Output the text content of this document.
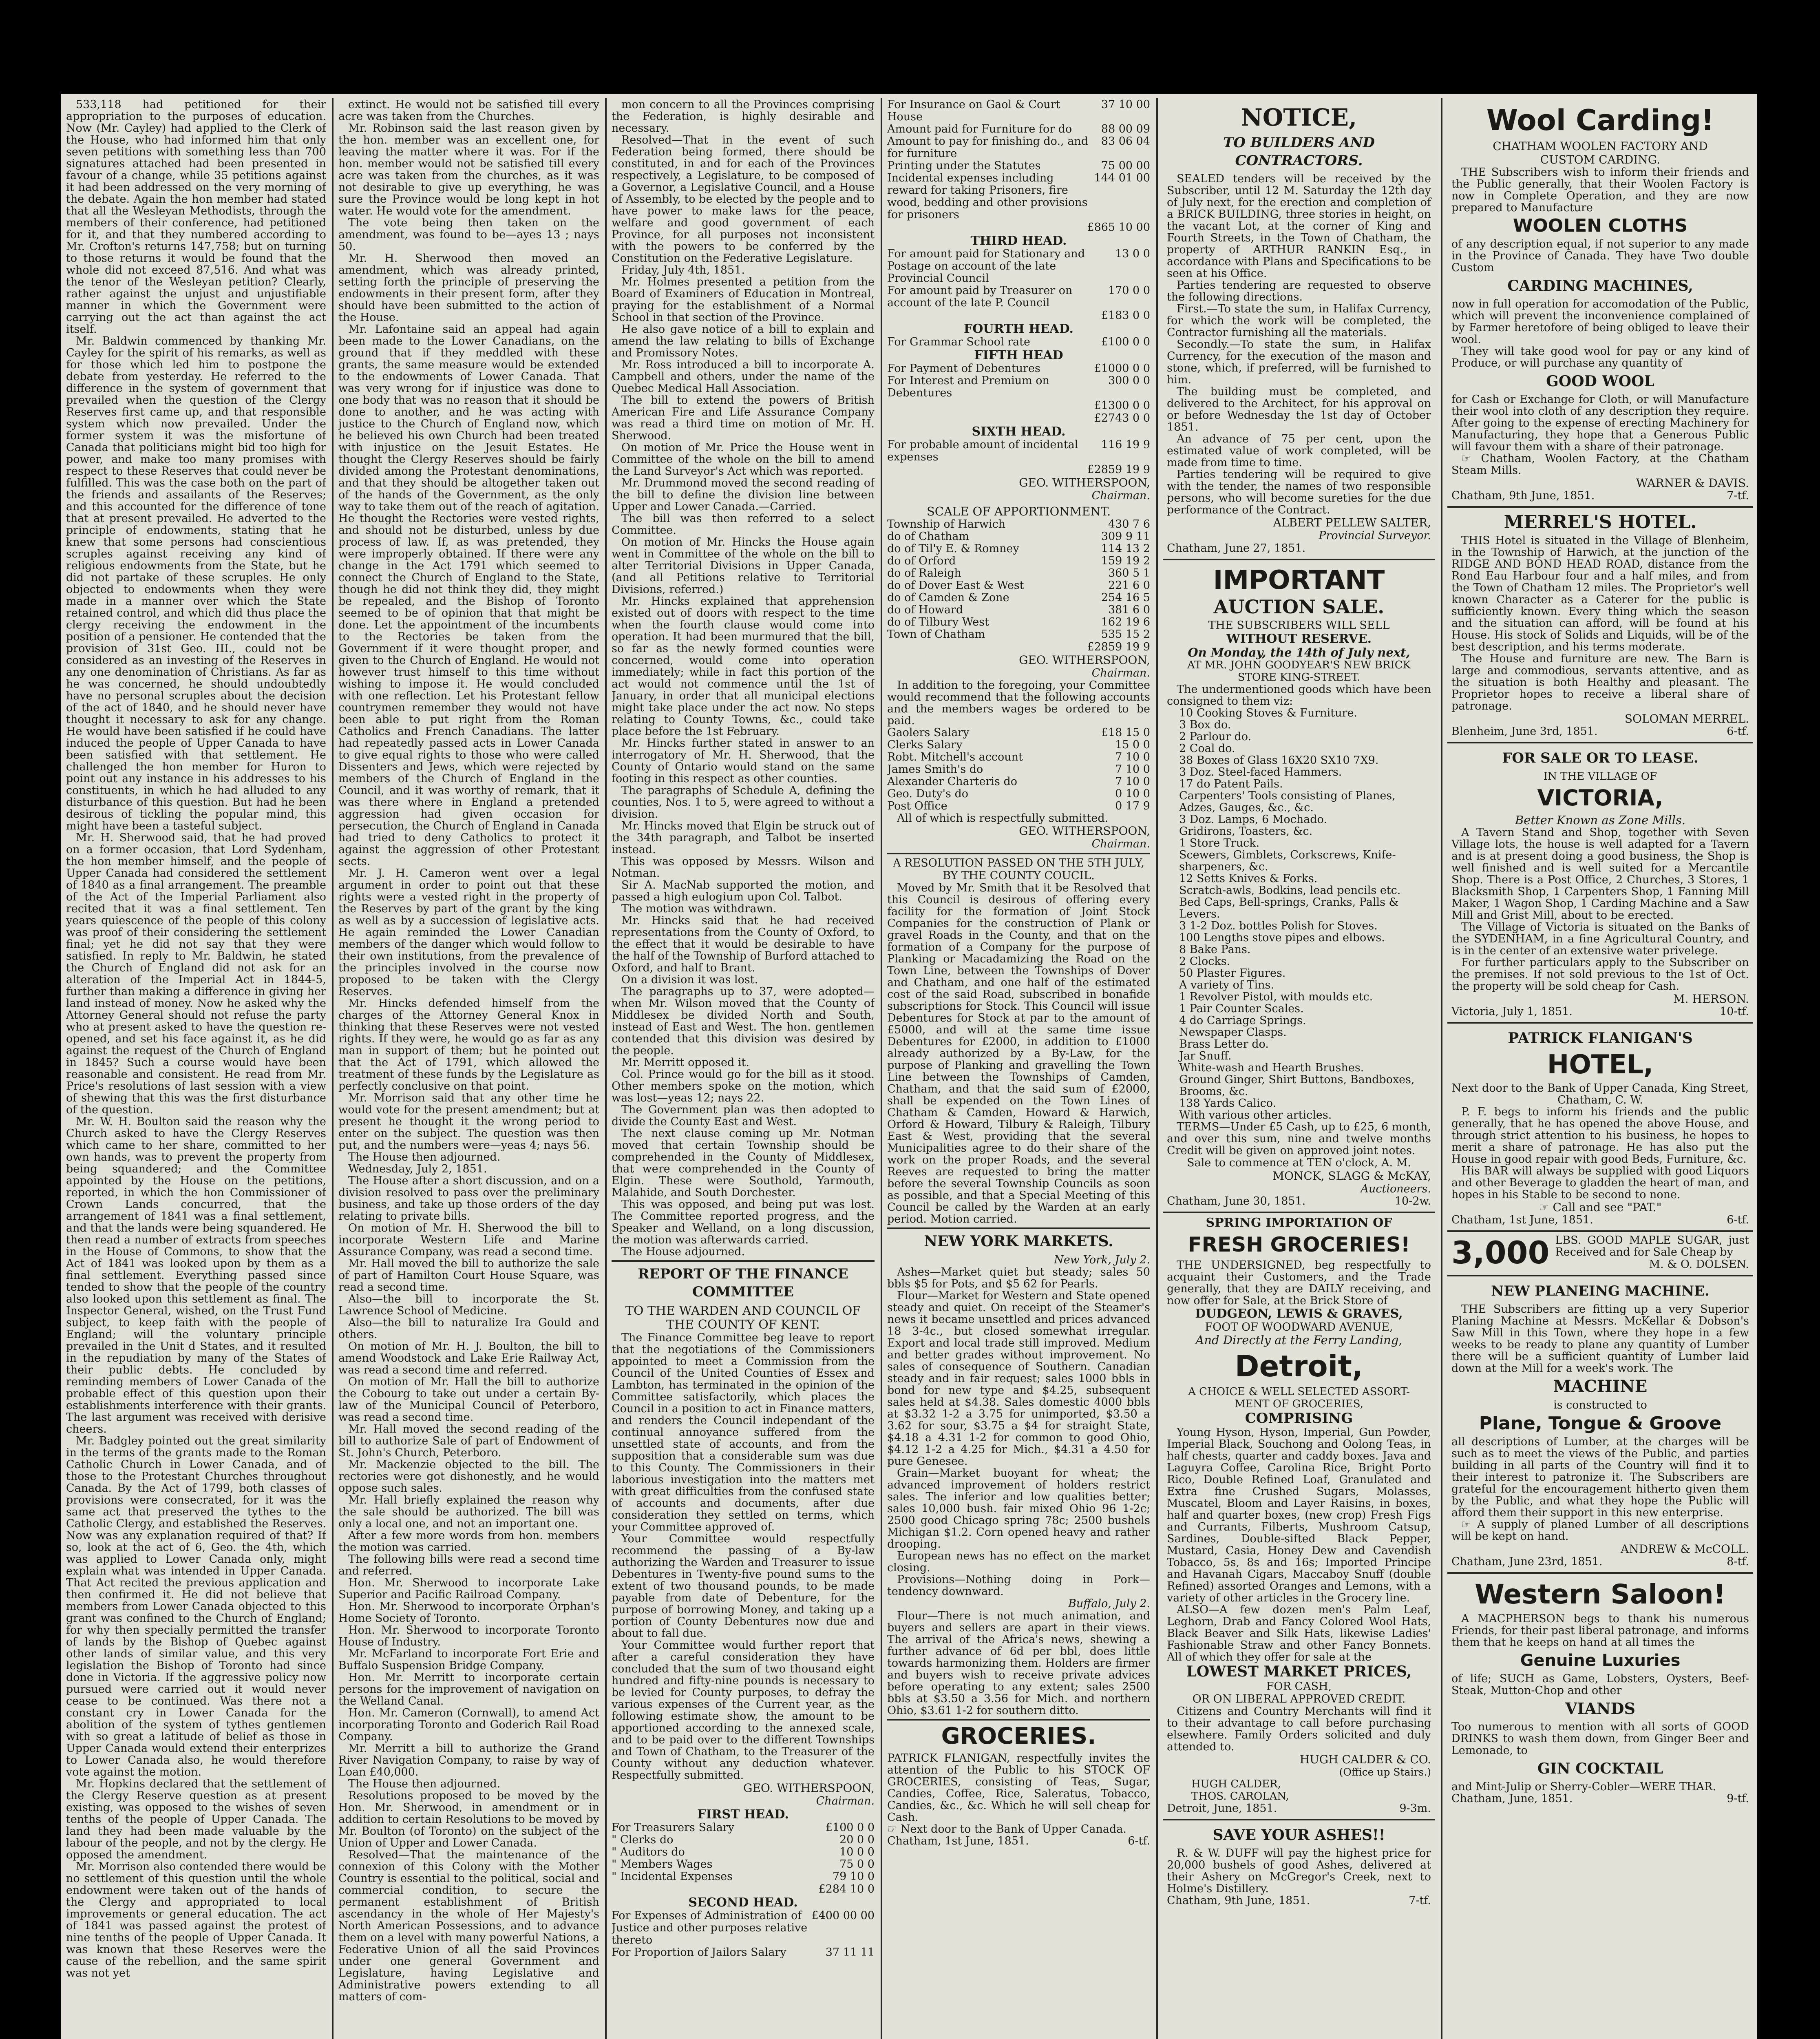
533,118 had petitioned for their appropriation to the purposes of education. Now (Mr. Cayley) had applied to the Clerk of the House, who had informed him that only seven petitions with something less than 700 signatures attached had been presented in favour of a change, while 35 petitions against it had been addressed on the very morning of the debate. Again the hon member had stated that all the Wesleyan Methodists, through the members of their conference, had petitioned for it, and that they numbered according to Mr. Crofton's returns 147,758; but on turning to those returns it would be found that the whole did not exceed 87,516. And what was the tenor of the Wesleyan petition? Clearly, rather against the unjust and unjustifiable manner in which the Government were carrying out the act than against the act itself.

Mr. Baldwin commenced by thanking Mr. Cayley for the spirit of his remarks, as well as for those which led him to postpone the debate from yesterday. He referred to the difference in the system of government that prevailed when the question of the Clergy Reserves first came up, and that responsible system which now prevailed. Under the former system it was the misfortune of Canada that politicians might bid too high for power, and make too many promises with respect to these Reserves that could never be fulfilled. This was the case both on the part of the friends and assailants of the Reserves; and this accounted for the difference of tone that at present prevailed. He adverted to the principle of endowments, stating that he knew that some persons had conscientious scruples against receiving any kind of religious endowments from the State, but he did not partake of these scruples. He only objected to endowments when they were made in a manner over which the State retained control, and which did thus place the clergy receiving the endowment in the position of a pensioner. He contended that the provision of 31st Geo. III., could not be considered as an investing of the Reserves in any one denomination of Christians. As far as he was concerned, he should undoubtedly have no personal scruples about the decision of the act of 1840, and he should never have thought it necessary to ask for any change. He would have been satisfied if he could have induced the people of Upper Canada to have been satisfied with that settlement. He challenged the hon member for Huron to point out any instance in his addresses to his constituents, in which he had alluded to any disturbance of this question. But had he been desirous of tickling the popular mind, this might have been a tasteful subject.

Mr. H. Sherwood said, that he had proved on a former occasion, that Lord Sydenham, the hon member himself, and the people of Upper Canada had considered the settlement of 1840 as a final arrangement. The preamble of the Act of the Imperial Parliament also recited that it was a final settlement. Ten years quiescence of the people of this colony was proof of their considering the settlement final; yet he did not say that they were satisfied. In reply to Mr. Baldwin, he stated the Church of England did not ask for an alteration of the Imperial Act in 1844-5, further than making a difference in giving her land instead of money. Now he asked why the Attorney General should not refuse the party who at present asked to have the question re-opened, and set his face against it, as he did against the request of the Church of England in 1845? Such a course would have been reasonable and consistent. He read from Mr. Price's resolutions of last session with a view of shewing that this was the first disturbance of the question.

Mr. W. H. Boulton said the reason why the Church asked to have the Clergy Reserves which came to her share, committed to her own hands, was to prevent the property from being squandered; and the Committee appointed by the House on the petitions, reported, in which the hon Commissioner of Crown Lands concurred, that the arrangement of 1841 was a final settlement, and that the lands were being squandered. He then read a number of extracts from speeches in the House of Commons, to show that the Act of 1841 was looked upon by them as a final settlement. Everything passed since tended to show that the people of the country also looked upon this settlement as final. The Inspector General, wished, on the Trust Fund subject, to keep faith with the people of England; will the voluntary principle prevailed in the Unit d States, and it resulted in the repudiation by many of the States of their public debts. He concluded by reminding members of Lower Canada of the probable effect of this question upon their establishments interference with their grants. The last argument was received with derisive cheers.

Mr. Badgley pointed out the great similarity in the terms of the grants made to the Roman Catholic Church in Lower Canada, and of those to the Protestant Churches throughout Canada. By the Act of 1799, both classes of provisions were consecrated, for it was the same act that preserved the tythes to the Catholic Clergy, and established the Reserves. Now was any explanation required of that? If so, look at the act of 6, Geo. the 4th, which was applied to Lower Canada only, might explain what was intended in Upper Canada. That Act recited the previous application and then confirmed it. He did not believe that members from Lower Canada objected to this grant was confined to the Church of England; for why then specially permitted the transfer of lands by the Bishop of Quebec against other lands of similar value, and this very legislation the Bishop of Toronto had since done in Victoria. If the aggressive policy now pursued were carried out it would never cease to be continued. Was there not a constant cry in Lower Canada for the abolition of the system of tythes gentlemen with so great a latitude of belief as those in Upper Canada would extend their enterprizes to Lower Canada also, he would therefore vote against the motion.

Mr. Hopkins declared that the settlement of the Clergy Reserve question as at present existing, was opposed to the wishes of seven tenths of the people of Upper Canada. The land they had been made valuable by the labour of the people, and not by the clergy. He opposed the amendment.

Mr. Morrison also contended there would be no settlement of this question until the whole endowment were taken out of the hands of the Clergy and appropriated to local improvements or general education. The act of 1841 was passed against the protest of nine tenths of the people of Upper Canada. It was known that these Reserves were the cause of the rebellion, and the same spirit was not yet

extinct. He would not be satisfied till every acre was taken from the Churches.

Mr. Robinson said the last reason given by the hon. member was an excellent one, for leaving the matter where it was. For if the hon. member would not be satisfied till every acre was taken from the churches, as it was not desirable to give up everything, he was sure the Province would be long kept in hot water. He would vote for the amendment.

The vote being then taken on the amendment, was found to be—ayes 13 ; nays 50.

Mr. H. Sherwood then moved an amendment, which was already printed, setting forth the principle of preserving the endowments in their present form, after they should have been submitted to the action of the House.

Mr. Lafontaine said an appeal had again been made to the Lower Canadians, on the ground that if they meddled with these grants, the same measure would be extended to the endowments of Lower Canada. That was very wrong for if injustice was done to one body that was no reason that it should be done to another, and he was acting with justice to the Church of England now, which he believed his own Church had been treated with injustice on the Jesuit Estates. He thought the Clergy Reserves should be fairly divided among the Protestant denominations, and that they should be altogether taken out of the hands of the Government, as the only way to take them out of the reach of agitation. He thought the Rectories were vested rights, and should not be disturbed, unless by due process of law. If, as was pretended, they were improperly obtained. If there were any change in the Act 1791 which seemed to connect the Church of England to the State, though he did not think they did, they might be repealed, and the Bishop of Toronto seemed to be of opinion that that might be done. Let the appointment of the incumbents to the Rectories be taken from the Government if it were thought proper, and given to the Church of England. He would not however trust himself to this time without wishing to impose it. He would concluded with one reflection. Let his Protestant fellow countrymen remember they would not have been able to put right from the Roman Catholics and French Canadians. The latter had repeatedly passed acts in Lower Canada to give equal rights to those who were called Dissenters and Jews, which were rejected by members of the Church of England in the Council, and it was worthy of remark, that it was there where in England a pretended aggression had given occasion for persecution, the Church of England in Canada had tried to deny Catholics to protect it against the aggression of other Protestant sects.

Mr. J. H. Cameron went over a legal argument in order to point out that these rights were a vested right in the property of the Reserves by part of the grant by the king as well as by a succession of legislative acts. He again reminded the Lower Canadian members of the danger which would follow to their own institutions, from the prevalence of the principles involved in the course now proposed to be taken with the Clergy Reserves.

Mr. Hincks defended himself from the charges of the Attorney General Knox in thinking that these Reserves were not vested rights. If they were, he would go as far as any man in support of them; but he pointed out that the Act of 1791, which allowed the treatment of these funds by the Legislature as perfectly conclusive on that point.

Mr. Morrison said that any other time he would vote for the present amendment; but at present he thought it the wrong period to enter on the subject. The question was then put, and the numbers were—yeas 4; nays 56.

The House then adjourned.

Wednesday, July 2, 1851.

The House after a short discussion, and on a division resolved to pass over the preliminary business, and take up those orders of the day relating to private bills.

On motion of Mr. H. Sherwood the bill to incorporate Western Life and Marine Assurance Company, was read a second time.

Mr. Hall moved the bill to authorize the sale of part of Hamilton Court House Square, was read a second time.

Also—the bill to incorporate the St. Lawrence School of Medicine.

Also—the bill to naturalize Ira Gould and others.

On motion of Mr. H. J. Boulton, the bill to amend Woodstock and Lake Erie Railway Act, was read a second time and referred.

On motion of Mr. Hall the bill to authorize the Cobourg to take out under a certain By-law of the Municipal Council of Peterboro, was read a second time.

Mr. Hall moved the second reading of the bill to authorize Sale of part of Endowment of St. John's Church, Peterboro.

Mr. Mackenzie objected to the bill. The rectories were got dishonestly, and he would oppose such sales.

Mr. Hall briefly explained the reason why the sale should be authorized. The bill was only a local one, and not an important one.

After a few more words from hon. members the motion was carried.

The following bills were read a second time and referred.

Hon. Mr. Sherwood to incorporate Lake Superior and Pacific Railroad Company.

Hon. Mr. Sherwood to incorporate Orphan's Home Society of Toronto.

Hon. Mr. Sherwood to incorporate Toronto House of Industry.

Mr. McFarland to incorporate Fort Erie and Buffalo Suspension Bridge Company.

Hon. Mr. Merritt to incorporate certain persons for the improvement of navigation on the Welland Canal.

Hon. Mr. Cameron (Cornwall), to amend Act incorporating Toronto and Goderich Rail Road Company.

Mr. Merritt a bill to authorize the Grand River Navigation Company, to raise by way of Loan £40,000.

The House then adjourned.

Resolutions proposed to be moved by the Hon. Mr. Sherwood, in amendment or in addition to certain Resolutions to be moved by Mr. Boulton (of Toronto) on the subject of the Union of Upper and Lower Canada.

Resolved—That the maintenance of the connexion of this Colony with the Mother Country is essential to the political, social and commercial condition, to secure the permanent establishment of British ascendancy in the whole of Her Majesty's North American Possessions, and to advance them on a level with many powerful Nations, a Federative Union of all the said Provinces under one general Government and Legislature, having Legislative and Administrative powers extending to all matters of com-

mon concern to all the Provinces comprising the Federation, is highly desirable and necessary.

Resolved—That in the event of such Federation being formed, there should be constituted, in and for each of the Provinces respectively, a Legislature, to be composed of a Governor, a Legislative Council, and a House of Assembly, to be elected by the people and to have power to make laws for the peace, welfare and good government of each Province, for all purposes not inconsistent with the powers to be conferred by the Constitution on the Federative Legislature.

Friday, July 4th, 1851.

Mr. Holmes presented a petition from the Board of Examiners of Education in Montreal, praying for the establishment of a Normal School in that section of the Province.

He also gave notice of a bill to explain and amend the law relating to bills of Exchange and Promissory Notes.

Mr. Ross introduced a bill to incorporate A. Campbell and others, under the name of the Quebec Medical Hall Association.

The bill to extend the powers of British American Fire and Life Assurance Company was read a third time on motion of Mr. H. Sherwood.

On motion of Mr. Price the House went in Committee of the whole on the bill to amend the Land Surveyor's Act which was reported.

Mr. Drummond moved the second reading of the bill to define the division line between Upper and Lower Canada.—Carried.

The bill was then referred to a select Committee.

On motion of Mr. Hincks the House again went in Committee of the whole on the bill to alter Territorial Divisions in Upper Canada, (and all Petitions relative to Territorial Divisions, referred.)

Mr. Hincks explained that apprehension existed out of doors with respect to the time when the fourth clause would come into operation. It had been murmured that the bill, so far as the newly formed counties were concerned, would come into operation immediately; while in fact this portion of the act would not commence until the 1st of January, in order that all municipal elections might take place under the act now. No steps relating to County Towns, &c., could take place before the 1st February.

Mr. Hincks further stated in answer to an interrogatory of Mr. H. Sherwood, that the County of Ontario would stand on the same footing in this respect as other counties.

The paragraphs of Schedule A, defining the counties, Nos. 1 to 5, were agreed to without a division.

Mr. Hincks moved that Elgin be struck out of the 34th paragraph, and Talbot be inserted instead.

This was opposed by Messrs. Wilson and Notman.

Sir A. MacNab supported the motion, and passed a high eulogium upon Col. Talbot.

The motion was withdrawn.

Mr. Hincks said that he had received representations from the County of Oxford, to the effect that it would be desirable to have the half of the Township of Burford attached to Oxford, and half to Brant.

On a division it was lost.

The paragraphs up to 37, were adopted—when Mr. Wilson moved that the County of Middlesex be divided North and South, instead of East and West. The hon. gentlemen contended that this division was desired by the people.

Mr. Merritt opposed it.

Col. Prince would go for the bill as it stood. Other members spoke on the motion, which was lost—yeas 12; nays 22.

The Government plan was then adopted to divide the County East and West.

The next clause coming up Mr. Notman moved that certain Township should be comprehended in the County of Middlesex, that were comprehended in the County of Elgin. These were Southold, Yarmouth, Malahide, and South Dorchester.

This was opposed, and being put was lost. The Committee reported progress, and the Speaker and Welland, on a long discussion, the motion was afterwards carried.

The House adjourned.

REPORT OF THE FINANCE COMMITTEE
TO THE WARDEN AND COUNCIL OF THE COUNTY OF KENT.

The Finance Committee beg leave to report that the negotiations of the Commissioners appointed to meet a Commission from the Council of the United Counties of Essex and Lambton, has terminated in the opinion of the Committee satisfactorily, which places the Council in a position to act in Finance matters, and renders the Council independant of the continual annoyance suffered from the unsettled state of accounts, and from the supposition that a considerable sum was due to this County. The Commissioners in their laborious investigation into the matters met with great difficulties from the confused state of accounts and documents, after due consideration they settled on terms, which your Committee approved of.

Your Committee would respectfully recommend the passing of a By-law authorizing the Warden and Treasurer to issue Debentures in Twenty-five pound sums to the extent of two thousand pounds, to be made payable from date of Debenture, for the purpose of borrowing Money, and taking up a portion of County Debentures now due and about to fall due.

Your Committee would further report that after a careful consideration they have concluded that the sum of two thousand eight hundred and fifty-nine pounds is necessary to be levied for County purposes, to defray the various expenses of the Current year, as the following estimate show, the amount to be apportioned according to the annexed scale, and to be paid over to the different Townships and Town of Chatham, to the Treasurer of the County without any deduction whatever. Respectfully submitted.

GEO. WITHERSPOON,
Chairman.
FIRST HEAD.
For Treasurers Salary	£100 0 0
" Clerks do	20 0 0
" Auditors do	10 0 0
" Members Wages	75 0 0
" Incidental Expenses	79 10 0
£284 10 0
SECOND HEAD.
For Expenses of Administration of Justice and other purposes relative thereto
£400 00 00
For Proportion of Jailors Salary	37 11 11
For Insurance on Gaol & Court House
37 10 00
Amount paid for Furniture for do	88 00 09
Amount to pay for finishing do., and for furniture
83 06 04
Printing under the Statutes	75 00 00
Incidental expenses including reward for taking Prisoners, fire wood, bedding and other provisions for prisoners
144 01 00
£865 10 00
THIRD HEAD.
For amount paid for Stationary and Postage on account of the late Provincial Council
13 0 0
For amount paid by Treasurer on account of the late P. Council
170 0 0
£183 0 0
FOURTH HEAD.
For Grammar School rate	£100 0 0
FIFTH HEAD
For Payment of Debentures	£1000 0 0
For Interest and Premium on Debentures
300 0 0
£1300 0 0
£2743 0 0
SIXTH HEAD.
For probable amount of incidental expenses
116 19 9
£2859 19 9
GEO. WITHERSPOON,
Chairman.
SCALE OF APPORTIONMENT.
Township of Harwich	430 7 6
do of Chatham	309 9 11
do of Til'y E. & Romney	114 13 2
do of Orford	159 19 2
do of Raleigh	360 5 1
do of Dover East & West	221 6 0
do of Camden & Zone	254 16 5
do of Howard	381 6 0
do of Tilbury West	162 19 6
Town of Chatham	535 15 2
£2859 19 9
GEO. WITHERSPOON,
Chairman.

In addition to the foregoing, your Committee would recommend that the following accounts and the members wages be ordered to be paid.

Gaolers Salary	£18 15 0
Clerks Salary	15 0 0
Robt. Mitchell's account	7 10 0
James Smith's do	7 10 0
Alexander Charteris do	7 10 0
Geo. Duty's do	0 10 0
Post Office	0 17 9

All of which is respectfully submitted.

GEO. WITHERSPOON,
Chairman.
A RESOLUTION PASSED ON THE 5TH JULY, BY THE COUNTY COUCIL.

Moved by Mr. Smith that it be Resolved that this Council is desirous of offering every facility for the formation of Joint Stock Companies for the construction of Plank or gravel Roads in the County, and that on the formation of a Company for the purpose of Planking or Macadamizing the Road on the Town Line, between the Townships of Dover and Chatham, and one half of the estimated cost of the said Road, subscribed in bonafide subscriptions for Stock. This Council will issue Debentures for Stock at par to the amount of £5000, and will at the same time issue Debentures for £2000, in addition to £1000 already authorized by a By-Law, for the purpose of Planking and gravelling the Town Line between the Townships of Camden, Chatham, and that the said sum of £2000, shall be expended on the Town Lines of Chatham & Camden, Howard & Harwich, Orford & Howard, Tilbury & Raleigh, Tilbury East & West, providing that the several Municipalities agree to do their share of the work on the proper Roads, and the several Reeves are requested to bring the matter before the several Township Councils as soon as possible, and that a Special Meeting of this Council be called by the Warden at an early period. Motion carried.

NEW YORK MARKETS.
New York, July 2.

Ashes—Market quiet but steady; sales 50 bbls $5 for Pots, and $5 62 for Pearls.

Flour—Market for Western and State opened steady and quiet. On receipt of the Steamer's news it became unsettled and prices advanced 18 3-4c., but closed somewhat irregular. Export and local trade still improved. Medium and better grades without improvement. No sales of consequence of Southern. Canadian steady and in fair request; sales 1000 bbls in bond for new type and $4.25, subsequent sales held at $4.38. Sales domestic 4000 bbls at $3.32 1-2 a 3.75 for unimported, $3.50 a 3.62 for sour, $3.75 a $4 for straight State, $4.18 a 4.31 1-2 for common to good Ohio, $4.12 1-2 a 4.25 for Mich., $4.31 a 4.50 for pure Genesee.

Grain—Market buoyant for wheat; the advanced improvement of holders restrict sales. The inferior and low qualities better; sales 10,000 bush. fair mixed Ohio 96 1-2c; 2500 good Chicago spring 78c; 2500 bushels Michigan $1.2. Corn opened heavy and rather drooping.

European news has no effect on the market closing.

Provisions—Nothing doing in Pork—tendency downward.

Buffalo, July 2.

Flour—There is not much animation, and buyers and sellers are apart in their views. The arrival of the Africa's news, shewing a further advance of 6d per bbl, does little towards harmonizing them. Holders are firmer and buyers wish to receive private advices before operating to any extent; sales 2500 bbls at $3.50 a 3.56 for Mich. and northern Ohio, $3.61 1-2 for southern ditto.

GROCERIES.

PATRICK FLANIGAN, respectfully invites the attention of the Public to his STOCK OF GROCERIES, consisting of Teas, Sugar, Candies, Coffee, Rice, Saleratus, Tobacco, Candies, &c., &c. Which he will sell cheap for Cash.

☞ Next door to the Bank of Upper Canada.

Chatham, 1st June, 1851.	6-tf.
NOTICE,
TO BUILDERS AND CONTRACTORS.

SEALED tenders will be received by the Subscriber, until 12 M. Saturday the 12th day of July next, for the erection and completion of a BRICK BUILDING, three stories in height, on the vacant Lot, at the corner of King and Fourth Streets, in the Town of Chatham, the property of ARTHUR RANKIN Esq., in accordance with Plans and Specifications to be seen at his Office.

Parties tendering are requested to observe the following directions.

First.—To state the sum, in Halifax Currency, for which the work will be completed, the Contractor furnishing all the materials.

Secondly.—To state the sum, in Halifax Currency, for the execution of the mason and stone, which, if preferred, will be furnished to him.

The building must be completed, and delivered to the Architect, for his approval on or before Wednesday the 1st day of October 1851.

An advance of 75 per cent, upon the estimated value of work completed, will be made from time to time.

Parties tendering will be required to give with the tender, the names of two responsible persons, who will become sureties for the due performance of the Contract.

ALBERT PELLEW SALTER,
Provincial Surveyor.
Chatham, June 27, 1851.
IMPORTANT
AUCTION SALE.
THE SUBSCRIBERS WILL SELL
WITHOUT RESERVE.
On Monday, the 14th of July next,
AT MR. JOHN GOODYEAR'S NEW BRICK STORE KING-STREET.

The undermentioned goods which have been consigned to them viz:

10 Cooking Stoves & Furniture.
3 Box do.
2 Parlour do.
2 Coal do.
38 Boxes of Glass 16X20 SX10 7X9.
3 Doz. Steel-faced Hammers.
17 do Patent Pails.
Carpenters' Tools consisting of Planes, Adzes, Gauges, &c., &c.
3 Doz. Lamps, 6 Mochado.
Gridirons, Toasters, &c.
1 Store Truck.
Scewers, Gimblets, Corkscrews, Knife-sharpeners, &c.
12 Setts Knives & Forks.
Scratch-awls, Bodkins, lead pencils etc.
Bed Caps, Bell-springs, Cranks, Palls & Levers.
3 1-2 Doz. bottles Polish for Stoves.
100 Lengths stove pipes and elbows.
8 Bake Pans.
2 Clocks.
50 Plaster Figures.
A variety of Tins.
1 Revolver Pistol, with moulds etc.
1 Pair Counter Scales.
4 do Carriage Springs.
Newspaper Clasps.
Brass Letter do.
Jar Snuff.
White-wash and Hearth Brushes.
Ground Ginger, Shirt Buttons, Bandboxes, Brooms, &c.
138 Yards Calico.
With various other articles.

TERMS—Under £5 Cash, up to £25, 6 month, and over this sum, nine and twelve months Credit will be given on approved joint notes.

Sale to commence at TEN o'clock, A. M.
MONCK, SLAGG & McKAY,
Auctioneers.
Chatham, June 30, 1851.	10-2w.
SPRING IMPORTATION OF
FRESH GROCERIES!

THE UNDERSIGNED, beg respectfully to acquaint their Customers, and the Trade generally, that they are DAILY receiving, and now offer for Sale, at the Brick Store of

DUDGEON, LEWIS & GRAVES,
FOOT OF WOODWARD AVENUE,
And Directly at the Ferry Landing,
Detroit,
A CHOICE & WELL SELECTED ASSORT-
MENT OF GROCERIES,
COMPRISING

Young Hyson, Hyson, Imperial, Gun Powder, Imperial Black, Souchong and Oolong Teas, in half chests, quarter and caddy boxes. Java and Laguyra Coffee, Carolina Rice, Bright Porto Rico, Double Refined Loaf, Granulated and Extra fine Crushed Sugars, Molasses, Muscatel, Bloom and Layer Raisins, in boxes, half and quarter boxes, (new crop) Fresh Figs and Currants, Filberts, Mushroom Catsup, Sardines, Double-sifted Black Pepper, Mustard, Casia, Honey Dew and Cavendish Tobacco, 5s, 8s and 16s; Imported Principe and Havanah Cigars, Maccaboy Snuff (double Refined) assorted Oranges and Lemons, with a variety of other articles in the Grocery line.

ALSO—A few dozen men's Palm Leaf, Leghorn, Drab and Fancy Colored Wool Hats, Black Beaver and Silk Hats, likewise Ladies' Fashionable Straw and other Fancy Bonnets. All of which they offer for sale at the

LOWEST MARKET PRICES,
FOR CASH,
OR ON LIBERAL APPROVED CREDIT.

Citizens and Country Merchants will find it to their advantage to call before purchasing elsewhere. Family Orders solicited and duly attended to.

HUGH CALDER & CO.
(Office up Stairs.)
HUGH CALDER,
THOS. CAROLAN,
Detroit, June, 1851.	9-3m.
SAVE YOUR ASHES!!

R. & W. DUFF will pay the highest price for 20,000 bushels of good Ashes, delivered at their Ashery on McGregor's Creek, next to Holme's Distillery.

Chatham, 9th June, 1851.	7-tf.
Wool Carding!
CHATHAM WOOLEN FACTORY AND
CUSTOM CARDING.

THE Subscribers wish to inform their friends and the Public generally, that their Woolen Factory is now in Complete Operation, and they are now prepared to Manufacture

WOOLEN CLOTHS

of any description equal, if not superior to any made in the Province of Canada. They have Two double Custom

CARDING MACHINES,

now in full operation for accomodation of the Public, which will prevent the inconvenience complained of by Farmer heretofore of being obliged to leave their wool.

They will take good wool for pay or any kind of Produce, or will purchase any quantity of

GOOD WOOL

for Cash or Exchange for Cloth, or will Manufacture their wool into cloth of any description they require. After going to the expense of erecting Machinery for Manufacturing, they hope that a Generous Public will favour them with a share of their patronage.

☞ Chatham, Woolen Factory, at the Chatham Steam Mills.

WARNER & DAVIS.
Chatham, 9th June, 1851.	7-tf.
MERREL'S HOTEL.

THIS Hotel is situated in the Village of Blenheim, in the Township of Harwich, at the junction of the RIDGE AND BOND HEAD ROAD, distance from the Rond Eau Harbour four and a half miles, and from the Town of Chatham 12 miles. The Proprietor's well known Character as a Caterer for the public is sufficiently known. Every thing which the season and the situation can afford, will be found at his House. His stock of Solids and Liquids, will be of the best description, and his terms moderate.

The House and furniture are new. The Barn is large and commodious, servants attentive, and as the situation is both Healthy and pleasant. The Proprietor hopes to receive a liberal share of patronage.

SOLOMAN MERREL.
Blenheim, June 3rd, 1851.	6-tf.
FOR SALE OR TO LEASE.
IN THE VILLAGE OF
VICTORIA,
Better Known as Zone Mills.

A Tavern Stand and Shop, together with Seven Village lots, the house is well adapted for a Tavern and is at present doing a good business, the Shop is well finished and is well suited for a Mercantile Shop. There is a Post Office, 2 Churches, 3 Stores, 1 Blacksmith Shop, 1 Carpenters Shop, 1 Fanning Mill Maker, 1 Wagon Shop, 1 Carding Machine and a Saw Mill and Grist Mill, about to be erected.

The Village of Victoria is situated on the Banks of the SYDENHAM, in a fine Agricultural Country, and is in the center of an extensive water privelege.

For further particulars apply to the Subscriber on the premises. If not sold previous to the 1st of Oct. the property will be sold cheap for Cash.

M. HERSON.
Victoria, July 1, 1851.	10-tf.
PATRICK FLANIGAN'S
HOTEL,

Next door to the Bank of Upper Canada, King Street, Chatham, C. W.

P. F. begs to inform his friends and the public generally, that he has opened the above House, and through strict attention to his business, he hopes to merit a share of patronage. He has also put the House in good repair with good Beds, Furniture, &c.

His BAR will always be supplied with good Liquors and other Beverage to gladden the heart of man, and hopes in his Stable to be second to none.

☞ Call and see "PAT."
Chatham, 1st June, 1851.	6-tf.
3,000 LBS. GOOD MAPLE SUGAR, just Received and for Sale Cheap by

M. & O. DOLSEN.
NEW PLANEING MACHINE.

THE Subscribers are fitting up a very Superior Planing Machine at Messrs. McKellar & Dobson's Saw Mill in this Town, where they hope in a few weeks to be ready to plane any quantity of Lumber there will be a sufficient quantity of Lumber laid down at the Mill for a week's work. The

MACHINE
is constructed to
Plane, Tongue & Groove

all descriptions of Lumber, at the charges will be such as to meet the views of the Public, and parties building in all parts of the Country will find it to their interest to patronize it. The Subscribers are grateful for the encouragement hitherto given them by the Public, and what they hope the Public will afford them their support in this new enterprise.

☞ A supply of planed Lumber of all descriptions will be kept on hand.

ANDREW & McCOLL.
Chatham, June 23rd, 1851.	8-tf.
Western Saloon!

A MACPHERSON begs to thank his numerous Friends, for their past liberal patronage, and informs them that he keeps on hand at all times the

Genuine Luxuries

of life; SUCH as Game, Lobsters, Oysters, Beef-Steak, Mutton-Chop and other

VIANDS

Too numerous to mention with all sorts of GOOD DRINKS to wash them down, from Ginger Beer and Lemonade, to

GIN COCKTAIL

and Mint-Julip or Sherry-Cobler—WERE THAR.

Chatham, June, 1851.	9-tf.
